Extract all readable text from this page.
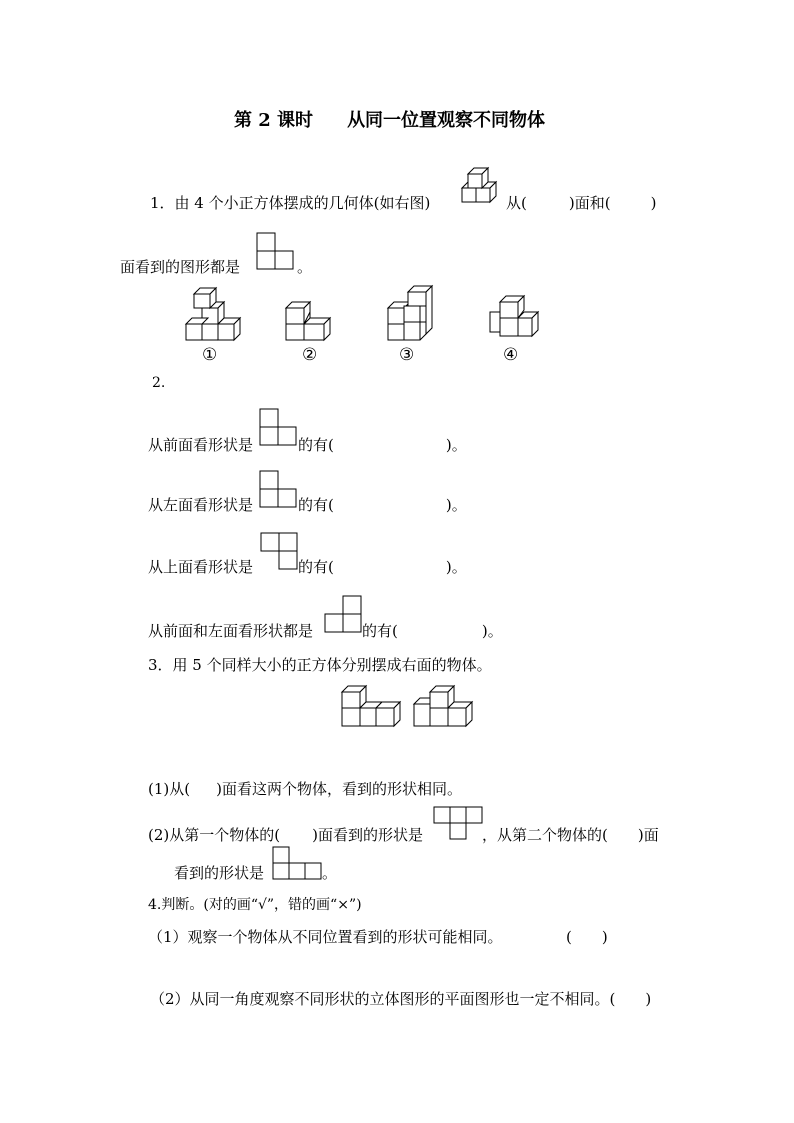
第 2 课时 从同一位置观察不同物体
1．由 4 个小正方体摆成的几何体(如右图)	从(	)面和(	)
面看到的图形都是	。
①	②	③	④
2.
从前面看形状是	的有(	)。
从左面看形状是	的有(	)。
从上面看形状是	的有(	)。
从前面和左面看形状都是	的有(	)。
3．用 5 个同样大小的正方体分别摆成右面的物体。
(1)从( )面看这两个物体，看到的形状相同。
(2)从第一个物体的( )面看到的形状是	，从第二个物体的( )面
看到的形状是	。
4.判断。(对的画“√”，错的画“×”)
（1）观察一个物体从不同位置看到的形状可能相同。	(　　)
（2）从同一角度观察不同形状的立体图形的平面图形也一定不相同。(　　)
